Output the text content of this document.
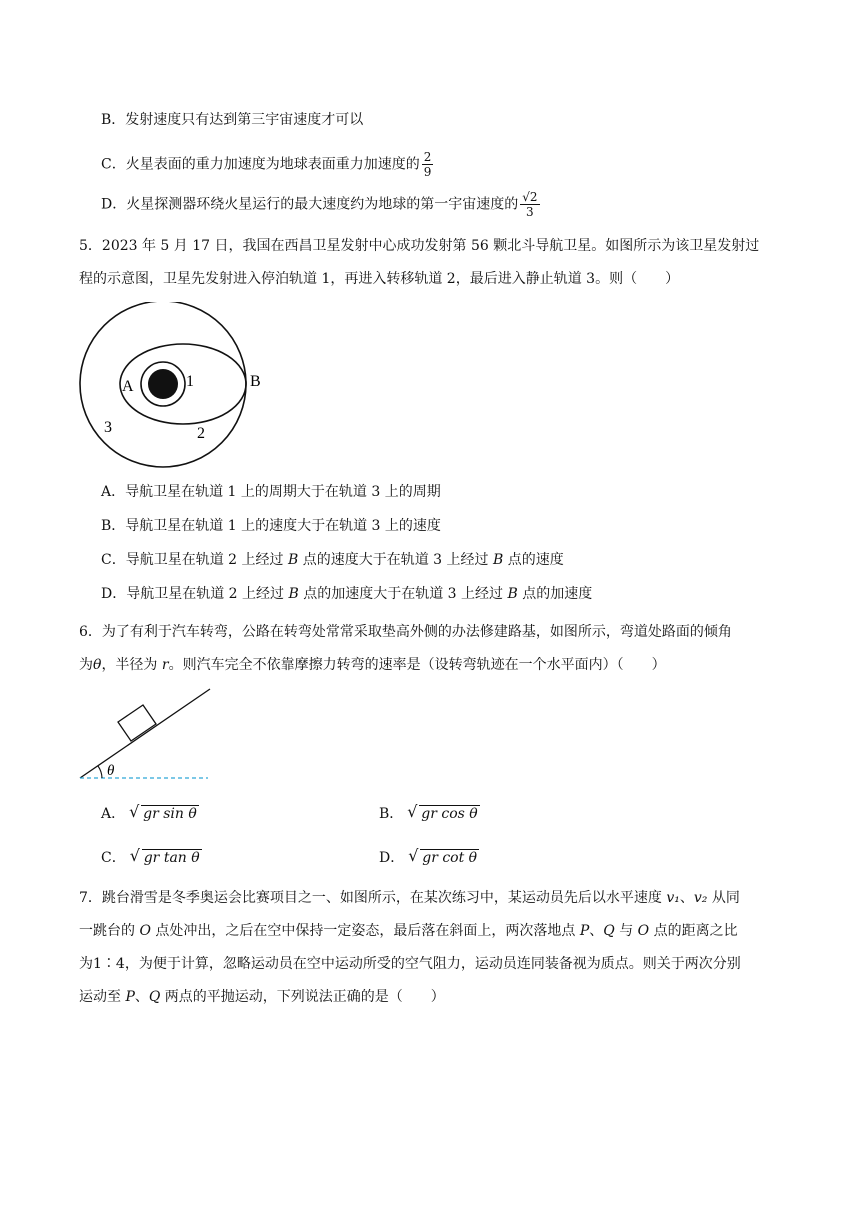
B．发射速度只有达到第三宇宙速度才可以
C．火星表面的重力加速度为地球表面重力加速度的 $\frac{2}{9}$
D．火星探测器环绕火星运行的最大速度约为地球的第一宇宙速度的 $\frac{√2}{3}$
5．2023 年 5 月 17 日，我国在西昌卫星发射中心成功发射第 56 颗北斗导航卫星。如图所示为该卫星发射过
程的示意图，卫星先发射进入停泊轨道 1，再进入转移轨道 2，最后进入静止轨道 3。则（　　）
A	1	B
3	2
A．导航卫星在轨道 1 上的周期大于在轨道 3 上的周期
B．导航卫星在轨道 1 上的速度大于在轨道 3 上的速度
C．导航卫星在轨道 2 上经过 B 点的速度大于在轨道 3 上经过 B 点的速度
D．导航卫星在轨道 2 上经过 B 点的加速度大于在轨道 3 上经过 B 点的加速度
6．为了有利于汽车转弯，公路在转弯处常常采取垫高外侧的办法修建路基，如图所示，弯道处路面的倾角
为θ，半径为 r。则汽车完全不依靠摩擦力转弯的速率是（设转弯轨迹在一个水平面内）（　　）
θ
A． √ gr sin θ	B． √ gr cos θ
C． √ gr tan θ	D． √ gr cot θ
7．跳台滑雪是冬季奥运会比赛项目之一、如图所示，在某次练习中，某运动员先后以水平速度 v₁、v₂ 从同
一跳台的 O 点处冲出，之后在空中保持一定姿态，最后落在斜面上，两次落地点 P、Q 与 O 点的距离之比
为1∶4，为便于计算，忽略运动员在空中运动所受的空气阻力，运动员连同装备视为质点。则关于两次分别
运动至 P、Q 两点的平抛运动，下列说法正确的是（　　）
